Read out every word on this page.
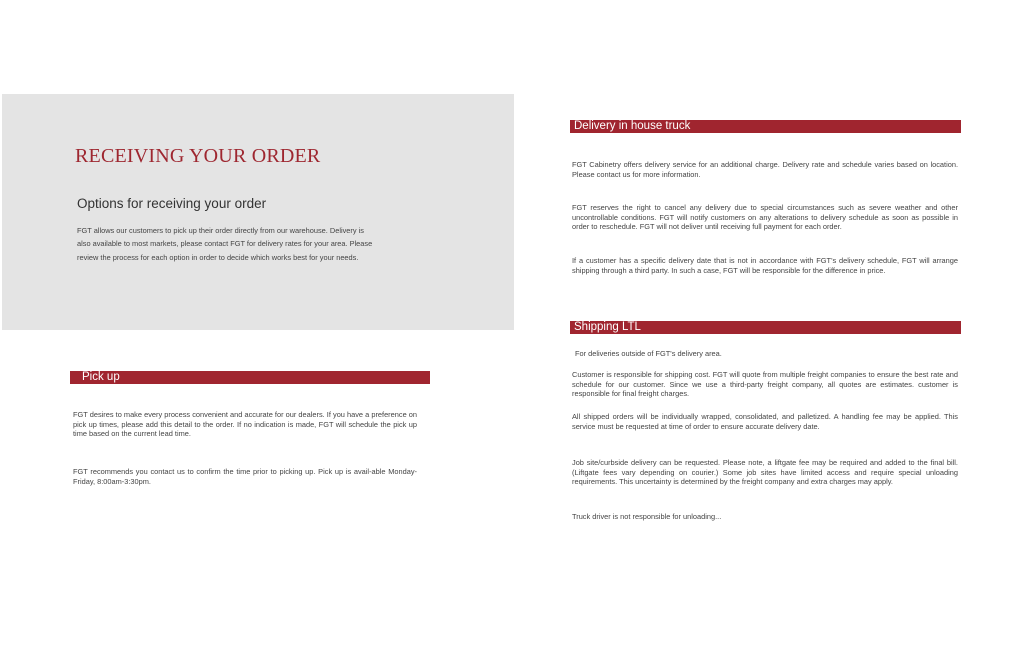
RECEIVING YOUR ORDER
Options for receiving your order
FGT allows our customers to pick up their order directly from our warehouse. Delivery is also available to most markets, please contact FGT for delivery rates for your area. Please review the process for each option in order to decide which works best for your needs.
Pick up
FGT desires to make every process convenient and accurate for our dealers. If you have a preference on pick up times, please add this detail to the order. If no indication is made, FGT will schedule the pick up time based on the current lead time.
FGT recommends you contact us to confirm the time prior to picking up. Pick up is avail-able Monday-Friday, 8:00am-3:30pm.
Delivery in house truck
FGT Cabinetry offers delivery service for an additional charge. Delivery rate and schedule varies based on location. Please contact us for more information.
FGT reserves the right to cancel any delivery due to special circumstances such as severe weather and other uncontrollable conditions. FGT will notify customers on any alterations to delivery schedule as soon as possible in order to reschedule. FGT will not deliver until receiving full payment for each order.
If a customer has a specific delivery date that is not in accordance with FGT's delivery schedule, FGT will arrange shipping through a third party. In such a case, FGT will be responsible for the difference in price.
Shipping LTL
For deliveries outside of FGT's delivery area.
Customer is responsible for shipping cost. FGT will quote from multiple freight companies to ensure the best rate and schedule for our customer. Since we use a third-party freight company, all quotes are estimates. customer is responsible for final freight charges.
All shipped orders will be individually wrapped, consolidated, and palletized. A handling fee may be applied. This service must be requested at time of order to ensure accurate delivery date.
Job site/curbside delivery can be requested. Please note, a liftgate fee may be required and added to the final bill. (Liftgate fees vary depending on courier.) Some job sites have limited access and require special unloading requirements. This uncertainty is determined by the freight company and extra charges may apply.
Truck driver is not responsible for unloading...
